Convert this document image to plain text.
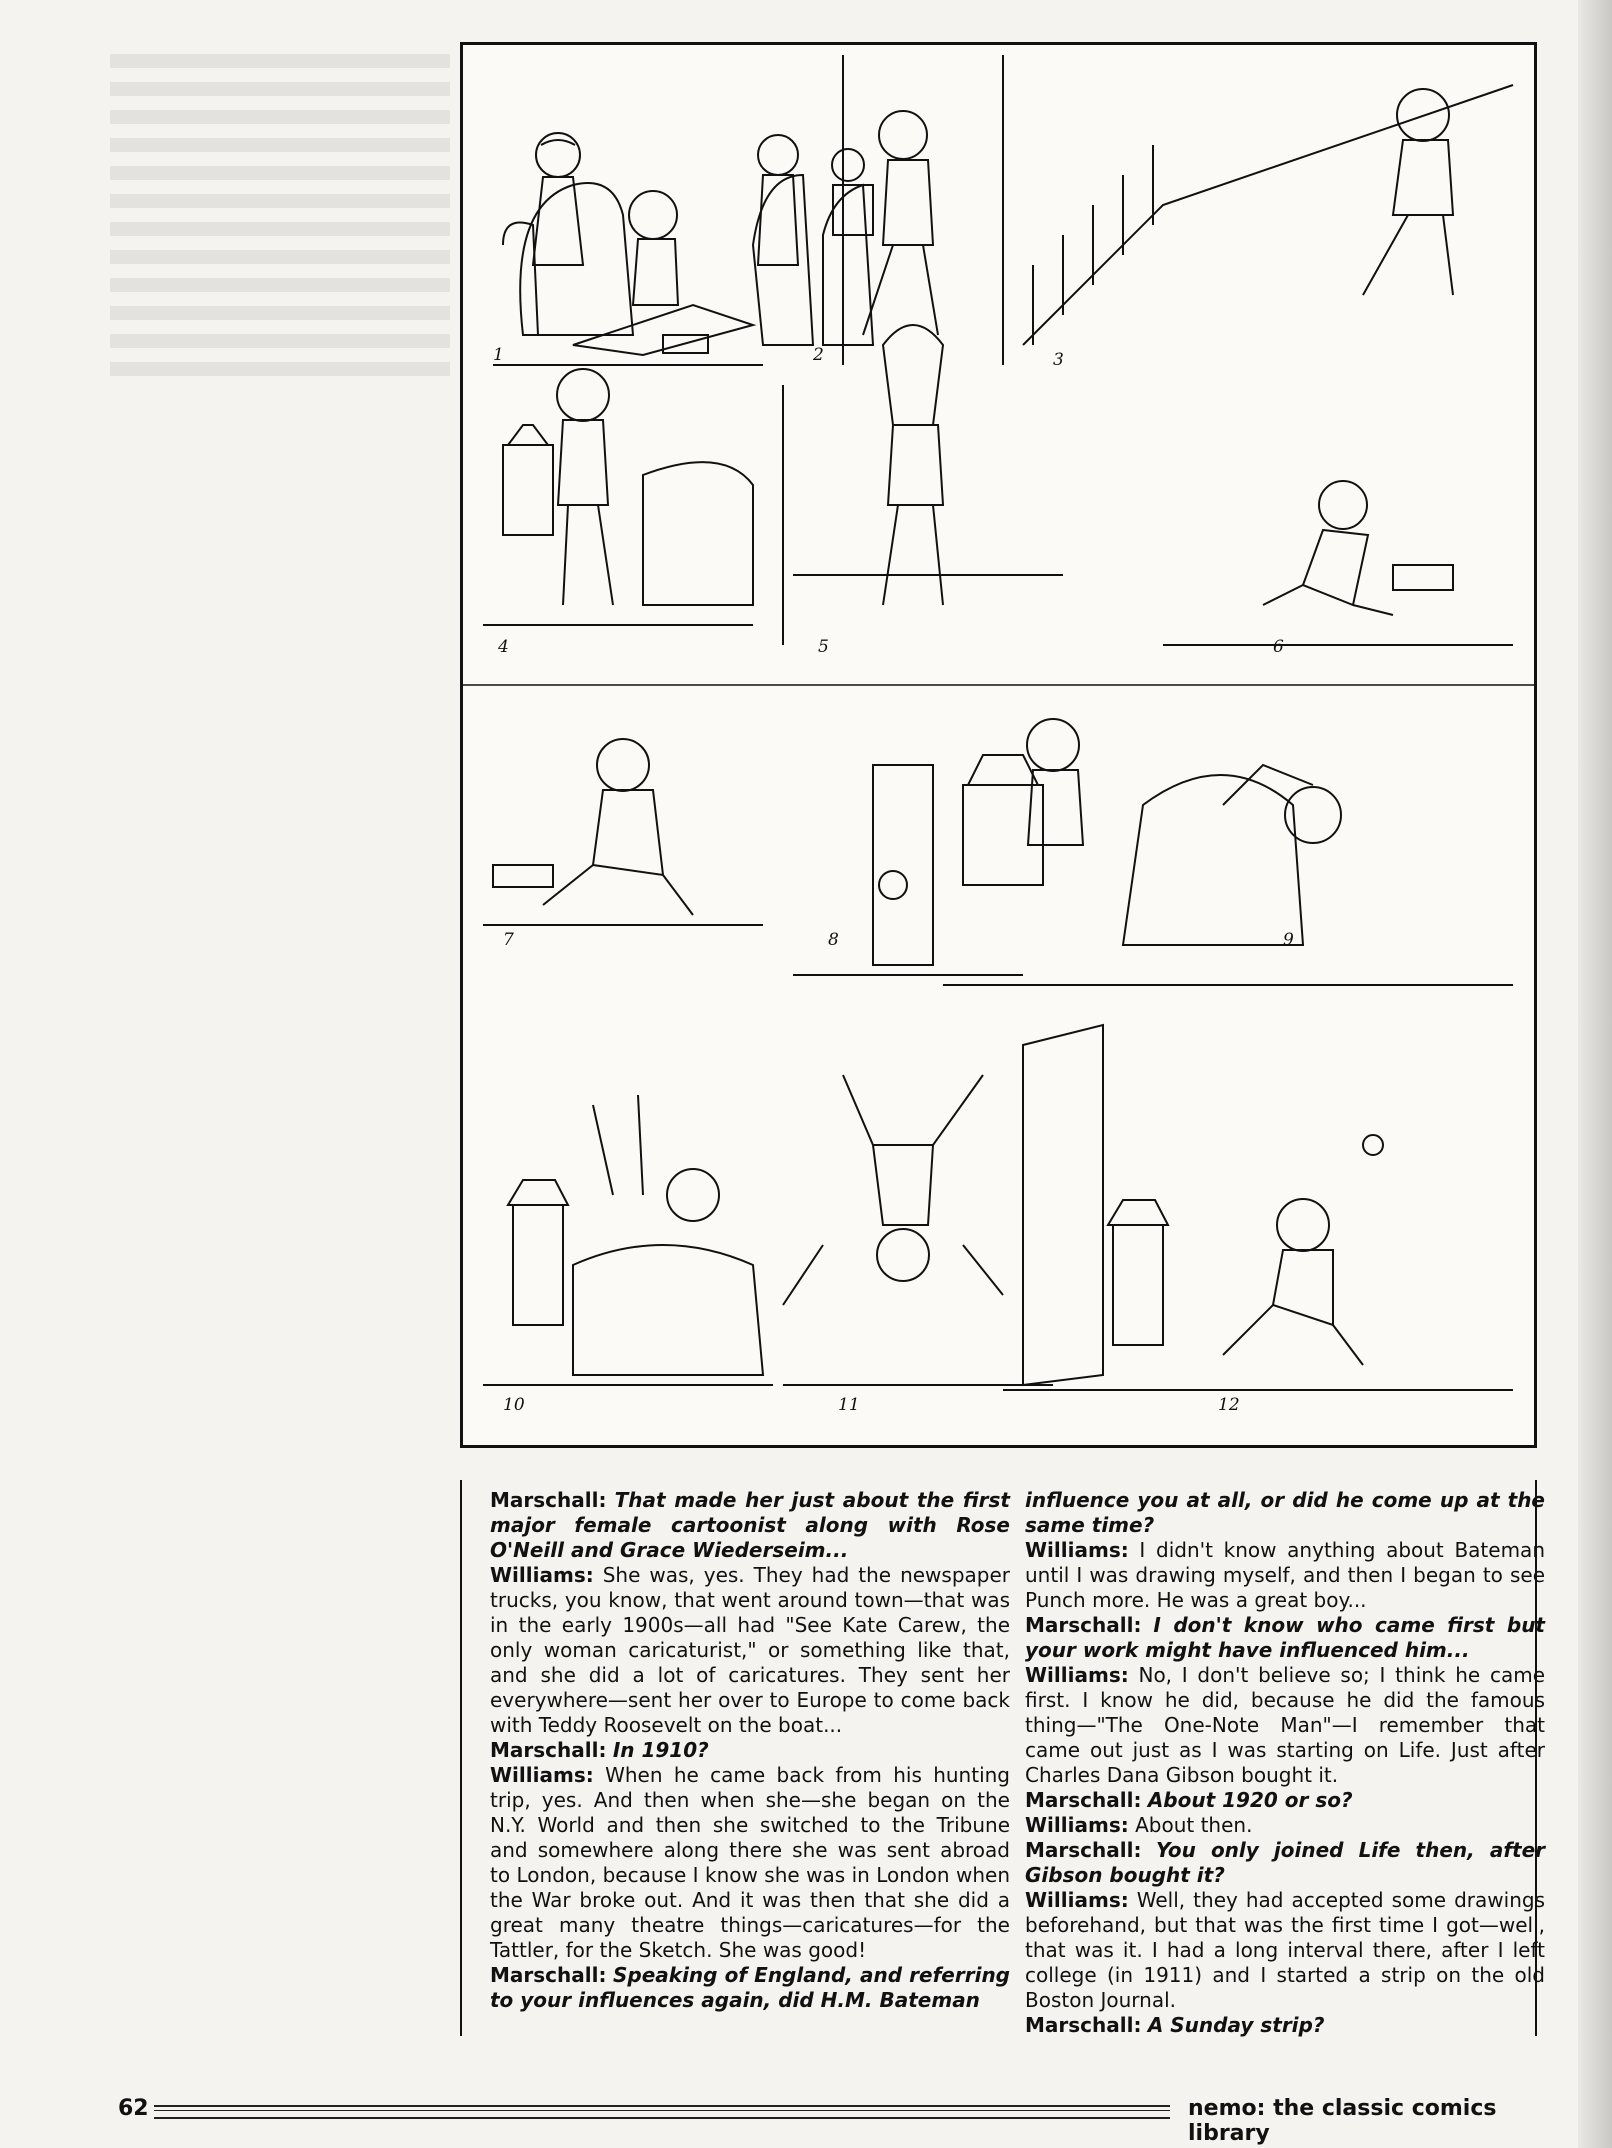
1	2	3
4	5	6
7	8	9
10	11	12

Marschall: That made her just about the first major female cartoonist along with Rose O'Neill and Grace Wiederseim...

Williams: She was, yes. They had the newspaper trucks, you know, that went around town—that was in the early 1900s—all had "See Kate Carew, the only woman caricaturist," or something like that, and she did a lot of caricatures. They sent her everywhere—sent her over to Europe to come back with Teddy Roosevelt on the boat...

Marschall: In 1910?

Williams: When he came back from his hunting trip, yes. And then when she—she began on the N.Y. World and then she switched to the Tribune and somewhere along there she was sent abroad to London, because I know she was in London when the War broke out. And it was then that she did a great many theatre things—caricatures—for the Tattler, for the Sketch. She was good!

Marschall: Speaking of England, and referring to your influences again, did H.M. Bateman

influence you at all, or did he come up at the same time?

Williams: I didn't know anything about Bateman until I was drawing myself, and then I began to see Punch more. He was a great boy...

Marschall: I don't know who came first but your work might have influenced him...

Williams: No, I don't believe so; I think he came first. I know he did, because he did the famous thing—"The One-Note Man"—I remember that came out just as I was starting on Life. Just after Charles Dana Gibson bought it.

Marschall: About 1920 or so?

Williams: About then.

Marschall: You only joined Life then, after Gibson bought it?

Williams: Well, they had accepted some drawings beforehand, but that was the first time I got—well, that was it. I had a long interval there, after I left college (in 1911) and I started a strip on the old Boston Journal.

Marschall: A Sunday strip?

62	nemo: the classic comics library
